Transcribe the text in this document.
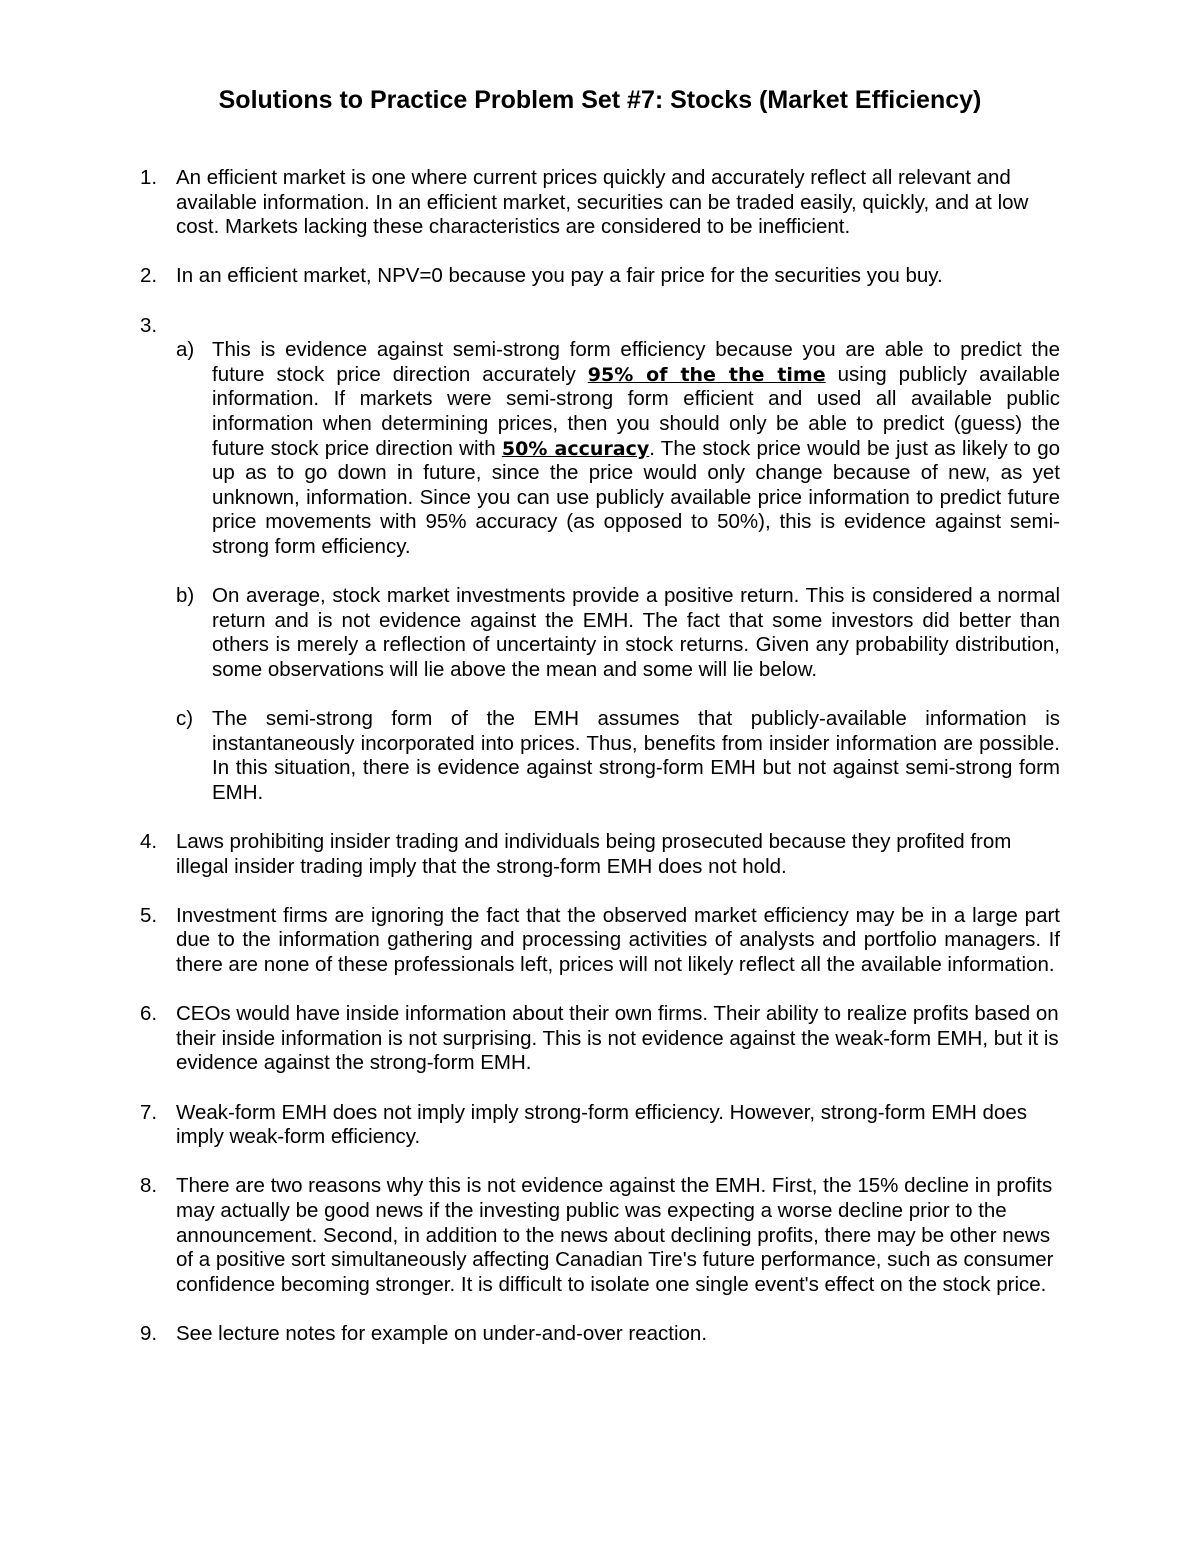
Solutions to Practice Problem Set #7: Stocks (Market Efficiency)
1. An efficient market is one where current prices quickly and accurately reflect all relevant and available information. In an efficient market, securities can be traded easily, quickly, and at low cost. Markets lacking these characteristics are considered to be inefficient.
2. In an efficient market, NPV=0 because you pay a fair price for the securities you buy.
3.
a) This is evidence against semi-strong form efficiency because you are able to predict the future stock price direction accurately 95% of the the time using publicly available information. If markets were semi-strong form efficient and used all available public information when determining prices, then you should only be able to predict (guess) the future stock price direction with 50% accuracy. The stock price would be just as likely to go up as to go down in future, since the price would only change because of new, as yet unknown, information. Since you can use publicly available price information to predict future price movements with 95% accuracy (as opposed to 50%), this is evidence against semi-strong form efficiency.
b) On average, stock market investments provide a positive return. This is considered a normal return and is not evidence against the EMH. The fact that some investors did better than others is merely a reflection of uncertainty in stock returns. Given any probability distribution, some observations will lie above the mean and some will lie below.
c) The semi-strong form of the EMH assumes that publicly-available information is instantaneously incorporated into prices. Thus, benefits from insider information are possible. In this situation, there is evidence against strong-form EMH but not against semi-strong form EMH.
4. Laws prohibiting insider trading and individuals being prosecuted because they profited from illegal insider trading imply that the strong-form EMH does not hold.
5. Investment firms are ignoring the fact that the observed market efficiency may be in a large part due to the information gathering and processing activities of analysts and portfolio managers. If there are none of these professionals left, prices will not likely reflect all the available information.
6. CEOs would have inside information about their own firms. Their ability to realize profits based on their inside information is not surprising. This is not evidence against the weak-form EMH, but it is evidence against the strong-form EMH.
7. Weak-form EMH does not imply imply strong-form efficiency. However, strong-form EMH does imply weak-form efficiency.
8. There are two reasons why this is not evidence against the EMH. First, the 15% decline in profits may actually be good news if the investing public was expecting a worse decline prior to the announcement. Second, in addition to the news about declining profits, there may be other news of a positive sort simultaneously affecting Canadian Tire's future performance, such as consumer confidence becoming stronger. It is difficult to isolate one single event's effect on the stock price.
9. See lecture notes for example on under-and-over reaction.
